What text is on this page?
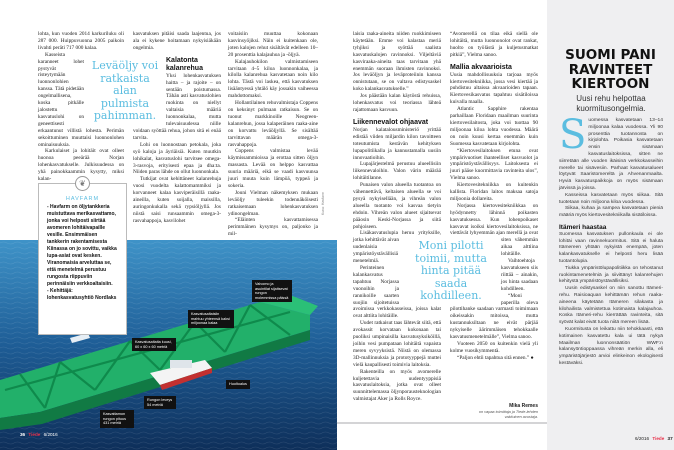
lohta, kun vuoden 2014 karkuriluku oli 287 000. Huippuvuonna 2005 paikoin livahti peräti 717 000 kalaa.

Kasseista karanneet lohet pystyvät risteytymään luonnonlohien kanssa. Tätä pidetään ongelmallisena, koska pitkälle jalostettu kasvatuslohi on geneettisesti erkaantunut villistä lohesta. Perimän sekoittuminen muuttaisi luonnonlohen ominaisuuksia.

Karkulaiset ja lohitäit ovat olleet huonoa peeärää Norjan lohenkasvatukselle. Julkisuudessa on yhä painokkaammin kysytty, miksi kalan-

kasvatuksen pitäisi saada laajentua, jos ala ei kykene hoitamaan nykyisiäkään ongelmia.

Kalatonta kalanrehua

Yksi lohenkasvatuksen haitta – ja rajoite – on sentään poistumassa. Tähän asti kasvatuslohien ruokinta on niellyt valtaisia määriä luonnonkalaa, mutta tulevaisuudessa niille voidaan syöttää rehua, johon sitä ei enää tarvita.

Lohi on luonnostaan petokala, joka syö kaloja ja äyriäisiä. Kuten muutkin lohikalat, kasvatuslohi tarvitsee omega-3-rasvoja, erityisesti epaa ja dha:ta. Niiden paras lähde on ollut luonnonkala.

Tutkijat ovat kehittäneet kalanrehuja vuosi vuodelta kalattomammiksi ja korvanneet kalaa kasviperäisillä raaka-aineilla, kuten soijalla, maissilla, auringonkukalla sekä rypsiöljyllä. Jos niistä saisi runsaammin omega-3-rasvahappoja, kasvilohet

voitaisiin muuttaa kokonaan kasvinsyöjiksi. Näin ei kuitenkaan ole, joten kalojen rehut sisältävät edelleen 10–20 prosenttia kalajauhoa ja -öljyä.

Kalajauhokilon valmistamiseen tarvitaan 4–5 kiloa luonnonkalaa, ja kilolla kalanrehua kasvatetaan noin kilo lohta. Tästä voi laskea, että kasvatuksen lisääntyessä yhtälö käy jossakin vaiheessa mahdottomaksi.

Hollantilainen rehuvalmistaja Coppens on keksinyt pulmaan ratkaisun. Se on tuonut markkinoille Neogreen-kalanrehun, jossa kalaperäinen raaka-aine on korvattu leväöljyllä. Se sisältää tarvittavan määrän omega-3-rasvahappoja.

Coppens valmistaa levää käymissammioissa ja erottaa sitten öljyn massasta. Levää on helppo kasvattaa suuria määriä, eikä se vaadi kasvuunsa juuri muuta kuin lämpöä, typpeä ja sokeria.

Jouni Vielman näkemyksen mukaan leväöljy tuleekin todennäköisesti ratkaisemaan lohenkasvatuksen ydinongelman.

“Eläinten kasvattamisessa perimmäinen kysymys on, paljonko ja mil-

Leväöljy voi ratkaista alan pulmista pahimman.
Kuva: Havfarm
Kasvatusaltaita kuusi, 60 x 60 x 60 metriä
Kasvatusaltaisiin mahtuu yhteensä kaksi miljoonaa kalaa
Valvomo ja asuintilat sijaitsevat rungon molemmissa päissä
Huoltoalus
Rungon leveys 54 metriä
Kasvattamon rungon pituus 431 metriä
36 Tiede 6/2016
❦
HAVFARM

- Havfarm on öljytankkeria muistuttava merikasvattamo, jonka voi helposti siirtää avomeren lohitäivapaille vesille. Ensimmäisen tankkerin rakentamisesta Kiinassa on jo sovittu, vaikka lupa-asiat ovat kesken. Viranomaisia arveluttaa se, että menetelmä perustuu rungosta riippuviin perinnäisiin verkkoaltaisiin.

- Kehittäjä: lohenkasvatusyhtiö Nordlaks

laisia raaka-aineita niiden ruokkimiseen käytetään. Emme voi kalastaa meriä tyhjiksi ja syöttää saalista kasvatuskalojen ravinnoksi. Viljeltäviä kasviraaka-aineita taas tarvitaan yhä enemmän suoraan ihmisten ravinnoksi. Jos leväöljyn ja leväproteiinin kanssa onnistutaan, se on valtava edistysaskel koko kalankasvatukselle.”

Jos päästään kalan käytöstä rehuissa, lohenkasvatus voi teoriassa lähteä rajattomaan kasvuun.

Liikennevalot ohjaavat

Norjan kalatalousministeriö yrittää edistää viiden miljardin kilon tavoitteen toteutumista kestävän kehityksen lupapolitiikalla ja kannustamalla uusiin innovaatioihin.

Lupajärjestelmä perustuu alueellisiin liikennevaloihin. Valon värin määrää lohitäitilanne.

Punaisen valon alueella tuotantoa on vähennettävä, keltaisen alueella se voi pysyä nykyisellään, ja vihreän valon alueella tuotanto voi kasvaa tietyin ehdoin. Vihreän valon alueet sijaitsevat pääosin Keski-Norjassa ja siitä pohjoiseen.

Lisäkasvatuslupia heruu yrityksille, jotka kehittävät aivan uudenlaisia ympäristöystävällisiä menetelmiä.

Perinteinen kalankasvatus tapahtuu Norjassa vuonoihin ja rannikoille saarten suojiin sijoitetuissa avoimissa verkkokasseissa, joissa kalat ovat alttiita lohitäille.

Uudet ratkaisut taas lähtevät siitä, että avokassit korvataan kokonaan tai puoliksi umpinaisilla kasvatusyksiköillä, joihin vesi pumpataan lohitäitä vapaista meren syvyyksistä. Niistä on olemassa 3D-mallinnuksia ja prototyyppejä muttei vielä kaupallisesti toimivia laitoksia.

Rakenteilla on myös avomerelle kuljetettavia uudentyyppisiä kasvatuslaitoksia, jotka ovat olleet suunnittelemassa öljynporausteknologian valmistajat Aker ja Rolls Royce.

“Avomerellä on tilaa eikä siellä ole lohitäitä, mutta luonnonolot ovat rankat, huolto on työlästä ja kuljetusmatkat pitkiä”, Vielma sanoo.

Mallia akvaarioista

Uusia mahdollisuuksia tarjoaa myös kiertovesitekniikka, jossa vesi kiertää ja puhdistuu altaissa akvaarioiden tapaan. Kiertovesikasvatus tapahtuu sisätiloissa kuivalla maalla.

Atlantic Sapphire rakentaa parhaillaan Floridaan maailman suurinta kiertovesilaitosta, joka voi tuottaa 90 miljoonaa kiloa lohta vuodessa. Määrä on noin kuusi kertaa enemmän kuin Suomessa kasvatetaan kirjolohta.

“Kiertovesilaitoksen etuna ovat ympärivuotiset ihanteelliset kasvuolot ja ympäristöystävällisyys. Laitoksesta ei juuri pääse kuormittavia ravinteita ulos”, Vielma sanoo.

Kiertovesitekniikka on kuitenkin kallista. Floridan laitos maksaa satoja miljoonia dollareita.

Norjassa kiertovesitekniikkaa on hyödynnetty lähinnä poikasten kasvatuksessa. Kun lohenpoikaset kasvavat isoiksi kiertovesilaitoksissa, ne viettävät lyhyemmän ajan merellä ja ovat siten vähemmän aikaa alttiina lohitäille.

Vaihtoehtoja kasvatukseen siis riittää – ainakin, jos hinta saadaan kohdilleen.

“Moni paperilla oleva pilottihanke saadaan varmasti toimimaan oikeissakin mitoissa, mutta kustannuksiltaan ne eivät pärjää nykyiselle äärimmäisen tehokkaalle kasvatusmenetelmälle”, Vielma sanoo.

Vuoteen 2050 on kuitenkin vielä yli kolme vuosikymmentä.

“Paljon ehtii tapahtua sitä ennen.” ●

Moni pilotti toimii, mutta hinta pitää saada kohdilleen.
Mika Remes
on vapaa toimittaja ja Tiede-lehden vakituinen avustaja.
SUOMI PANI
RAVINTEET
KIERTOON
Uusi rehu helpottaa kuormitusongelmia.
S uomessa kasvatetaan 13–14 miljoonaa kalaa vuodessa. Yli 90 prosenttia tuotannosta on kirjolohta. Poikasia kasvatetaan ensin sisämaan kasvatuslaitoksissa, sitten ne siirretään alle vuoden ikäisinä verkkokasseihin merelle tai sisävesiin. Parhaat kasvatusalueet löytyvät Saaristomereltä ja Ahvenanmaalta. Hyviä kasvatuspaikkoja on myös sisämaan järvissä ja joissa.

Kasseissa kasvatetaan myös siikaa. Sitä tuotetaan noin miljoona kiloa vuodessa.

Siikaa, kuhaa ja sampea kasvatetaan pieniä määriä myös kiertovesitekniikalla sisätiloissa.

Itämeri haastaa

Suomessa kasvatuksen pullonkaula ei ole lohitäi vaan ravinnekuormitus. Sitä ei haluta Itämereen yhtään nykyistä enempää, joten kalankasvatukselle ei helposti heru lisää tuotantolupia.

Tiukka ympäristölupapolitiikka on tehostanut ruokintamenetelmiä ja siivittänyt kalanrehujen kehitystä ympäristöystävällisiksi.

Uusin edistysaskel on niin sanottu Itämeri-rehu. Raisioaquan kehittämän rehun raaka-aineena käytetään Itämeren silakasta ja kilohailista valmistettua kotimaista kalajauhoa. Koska Itämeri-rehu kierrättää ravinteita, sitä syövät kalat eivät tuota niitä mereen lisää.

Kuormitusta on leikattu niin tehokkaasti, että kotimainen kasvatettu kala ui tätä nykyä Maailman luonnonsäätiön WWF:n kalansyöntioppaassa vihreän merkin alla, eli ympäristöjärjestö arvioi elinkeinon ekologisesti kestäväksi.

6/2016 Tiede 37
